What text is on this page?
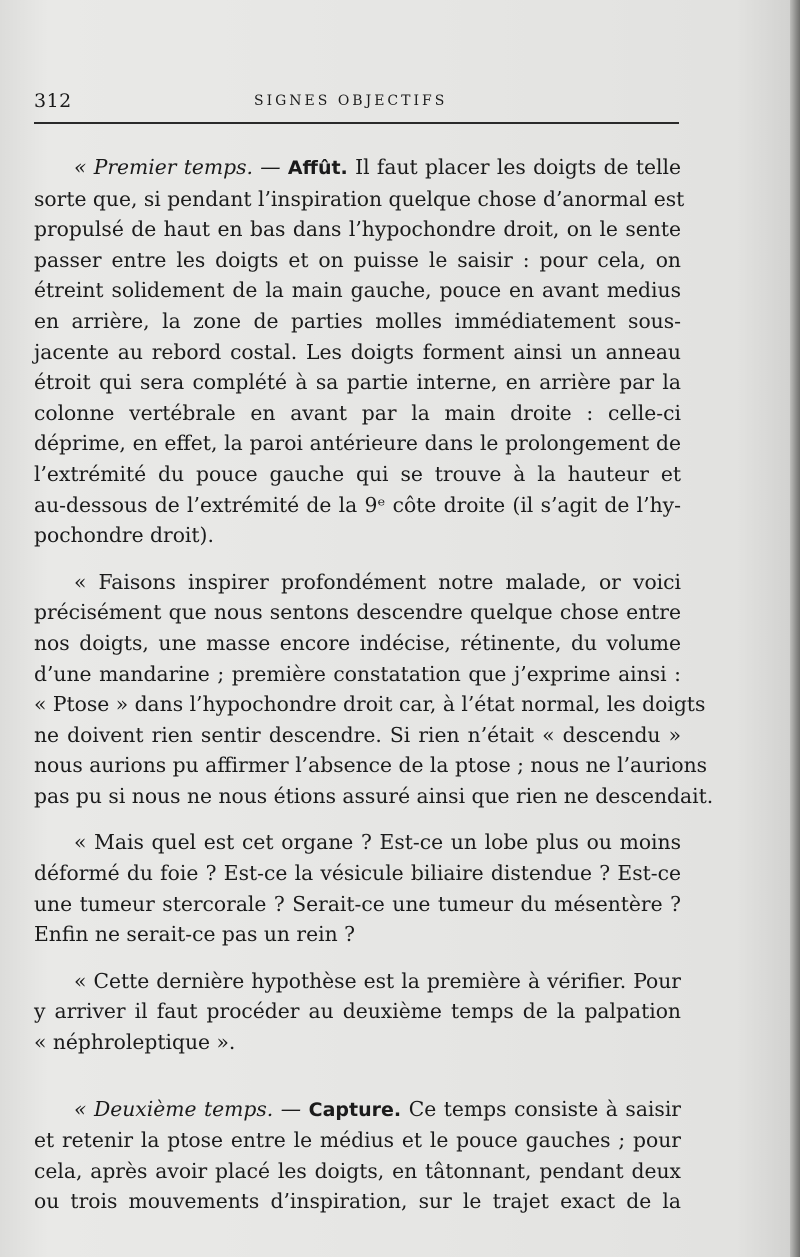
312	SIGNES OBJECTIFS
« Premier temps. — Affût. Il faut placer les doigts de telle
sorte que, si pendant l’inspiration quelque chose d’anormal est
propulsé de haut en bas dans l’hypochondre droit, on le sente
passer entre les doigts et on puisse le saisir : pour cela, on
étreint solidement de la main gauche, pouce en avant medius
en arrière, la zone de parties molles immédiatement sous-
jacente au rebord costal. Les doigts forment ainsi un anneau
étroit qui sera complété à sa partie interne, en arrière par la
colonne vertébrale en avant par la main droite : celle-ci
déprime, en effet, la paroi antérieure dans le prolongement de
l’extrémité du pouce gauche qui se trouve à la hauteur et
au-dessous de l’extrémité de la 9ᵉ côte droite (il s’agit de l’hy-
pochondre droit).
« Faisons inspirer profondément notre malade, or voici
précisément que nous sentons descendre quelque chose entre
nos doigts, une masse encore indécise, rétinente, du volume
d’une mandarine ; première constatation que j’exprime ainsi :
« Ptose » dans l’hypochondre droit car, à l’état normal, les doigts
ne doivent rien sentir descendre. Si rien n’était « descendu »
nous aurions pu affirmer l’absence de la ptose ; nous ne l’aurions
pas pu si nous ne nous étions assuré ainsi que rien ne descendait.
« Mais quel est cet organe ? Est-ce un lobe plus ou moins
déformé du foie ? Est-ce la vésicule biliaire distendue ? Est-ce
une tumeur stercorale ? Serait-ce une tumeur du mésentère ?
Enfin ne serait-ce pas un rein ?
« Cette dernière hypothèse est la première à vérifier. Pour
y arriver il faut procéder au deuxième temps de la palpation
« néphroleptique ».
« Deuxième temps. — Capture. Ce temps consiste à saisir
et retenir la ptose entre le médius et le pouce gauches ; pour
cela, après avoir placé les doigts, en tâtonnant, pendant deux
ou trois mouvements d’inspiration, sur le trajet exact de la
